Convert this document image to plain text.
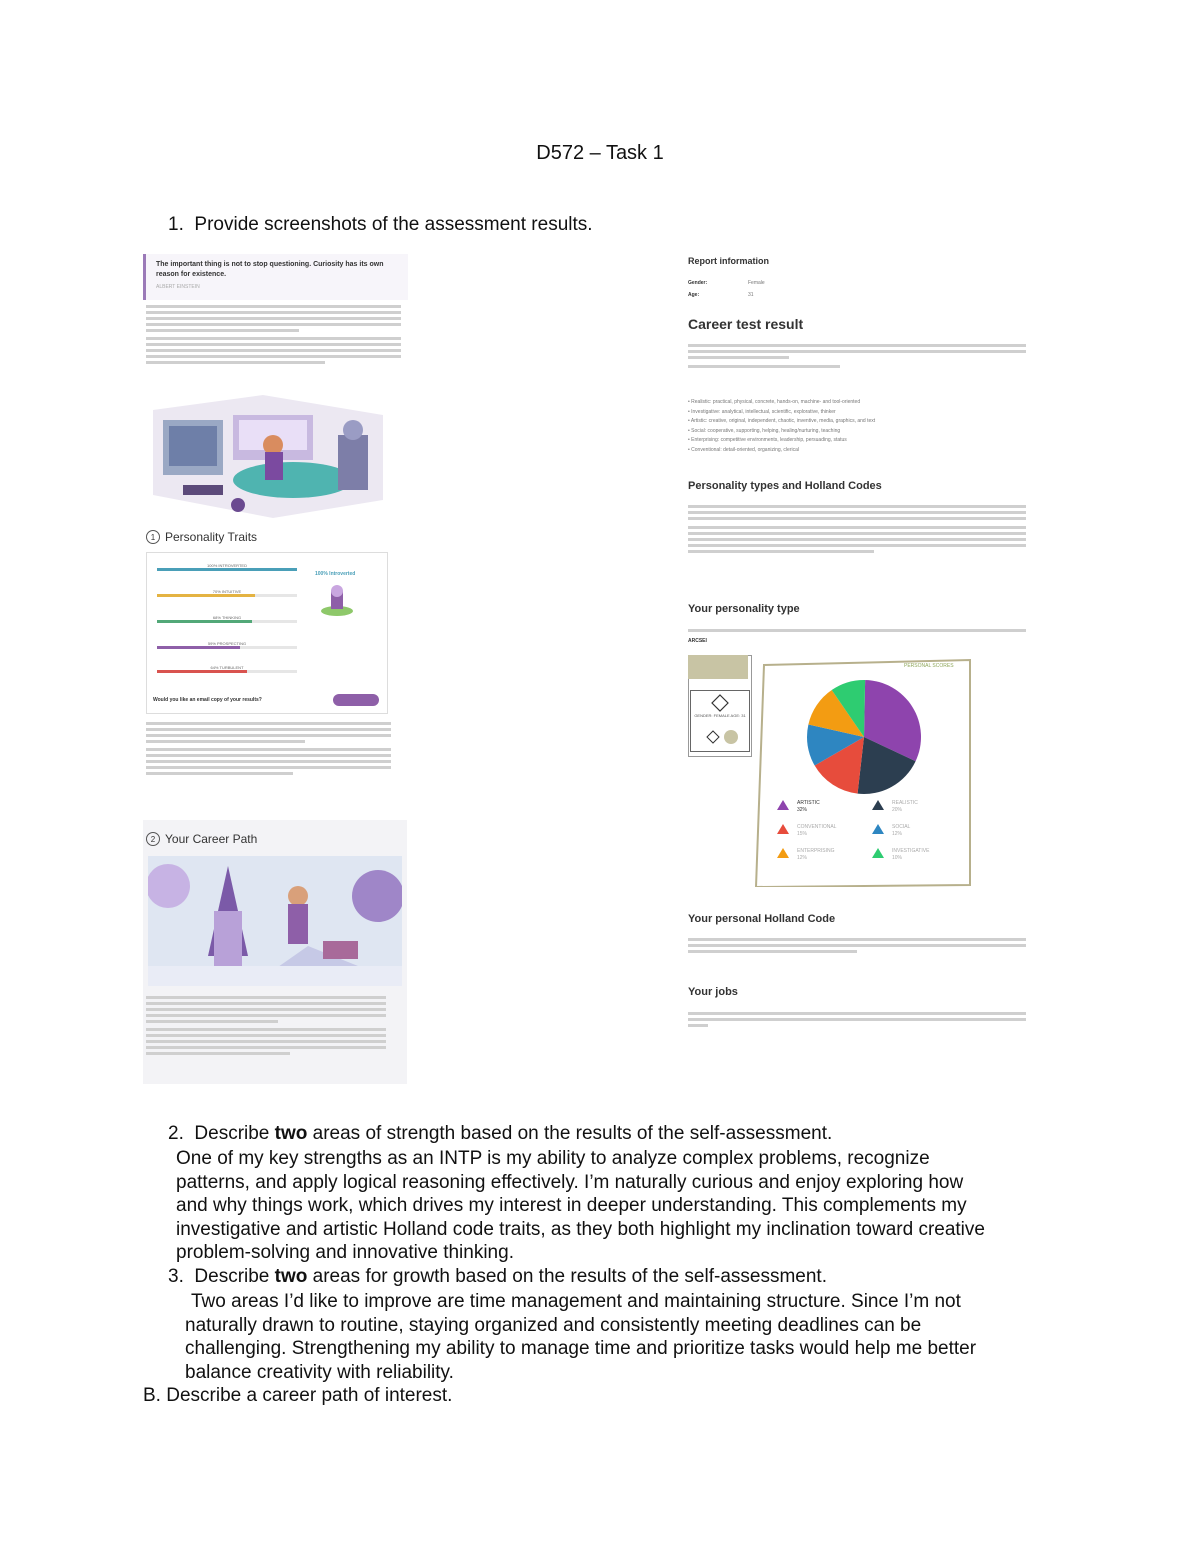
D572 – Task 1
1.  Provide screenshots of the assessment results.
The important thing is not to stop questioning. Curiosity has its own reason for existence.
ALBERT EINSTEIN
1 Personality Traits
100% INTROVERTED
70% INTUITIVE
68% THINKING
59% PROSPECTING
64% TURBULENT
100% Introverted
Would you like an email copy of your results?
2 Your Career Path
Report information
Gender:	Female
Age:	31
Career test result
• Realistic: practical, physical, concrete, hands-on, machine- and tool-oriented
• Investigative: analytical, intellectual, scientific, explorative, thinker
• Artistic: creative, original, independent, chaotic, inventive, media, graphics, and text
• Social: cooperative, supporting, helping, healing/nurturing, teaching
• Enterprising: competitive environments, leadership, persuading, status
• Conventional: detail-oriented, organizing, clerical
Personality types and Holland Codes
Your personality type
ARCSEI
GENDER: FEMALE AGE: 31
PERSONAL SCORES
ARTISTIC
32%
REALISTIC
20%
CONVENTIONAL
15%
SOCIAL
12%
ENTERPRISING
12%
INVESTIGATIVE
10%
Your personal Holland Code
Your jobs
2.  Describe two areas of strength based on the results of the self-assessment.
One of my key strengths as an INTP is my ability to analyze complex problems, recognize
patterns, and apply logical reasoning effectively. I’m naturally curious and enjoy exploring how
and why things work, which drives my interest in deeper understanding. This complements my
investigative and artistic Holland code traits, as they both highlight my inclination toward creative
problem-solving and innovative thinking.
3.  Describe two areas for growth based on the results of the self-assessment.
Two areas I’d like to improve are time management and maintaining structure. Since I’m not
naturally drawn to routine, staying organized and consistently meeting deadlines can be
challenging. Strengthening my ability to manage time and prioritize tasks would help me better
balance creativity with reliability.
B. Describe a career path of interest.
